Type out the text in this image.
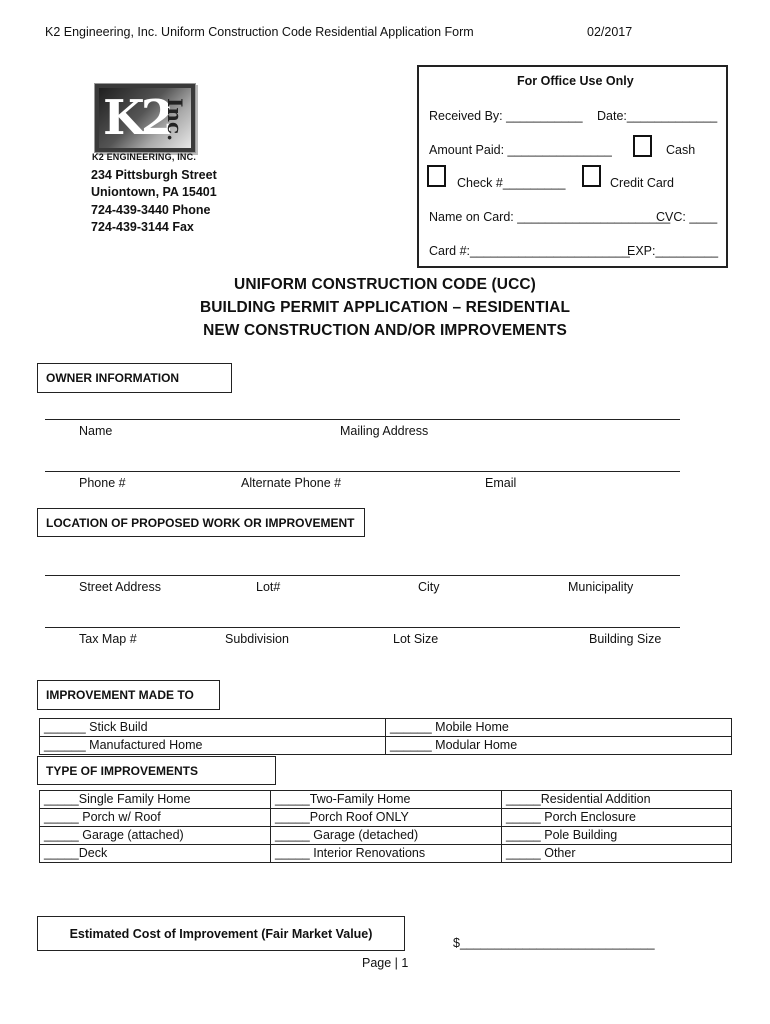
K2 Engineering, Inc. Uniform Construction Code Residential Application Form	02/2017
K2
Inc.
K2 ENGINEERING, INC.
234 Pittsburgh Street
Uniontown, PA 15401
724-439-3440 Phone
724-439-3144 Fax
For Office Use Only
Received By: ___________ Date:_____________
Amount Paid: _______________	Cash
Check #_________	Credit Card
Name on Card: ______________________
CVC: ____
Card #:_______________________
EXP:_________
UNIFORM CONSTRUCTION CODE (UCC)
BUILDING PERMIT APPLICATION – RESIDENTIAL
NEW CONSTRUCTION AND/OR IMPROVEMENTS
OWNER INFORMATION
Name	Mailing Address
Phone #	Alternate Phone #	Email
LOCATION OF PROPOSED WORK OR IMPROVEMENT
Street Address	Lot#	City	Municipality
Tax Map #	Subdivision	Lot Size	Building Size
IMPROVEMENT MADE TO
______ Stick Build	______ Mobile Home
______ Manufactured Home	______ Modular Home
TYPE OF IMPROVEMENTS
_____Single Family Home	_____Two-Family Home	_____Residential Addition
_____ Porch w/ Roof	_____Porch Roof ONLY	_____ Porch Enclosure
_____ Garage (attached)	_____ Garage (detached)	_____ Pole Building
_____Deck	_____ Interior Renovations	_____ Other
Estimated Cost of Improvement (Fair Market Value)
$____________________________
Page | 1
